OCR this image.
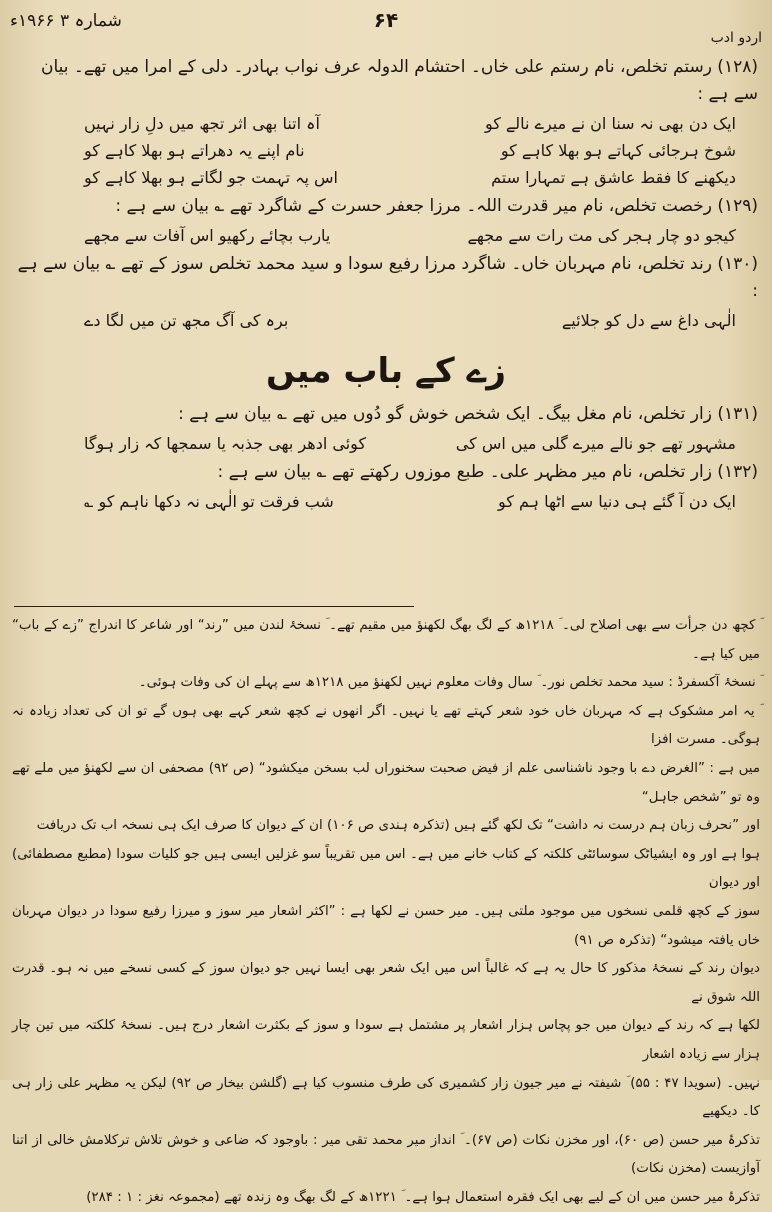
شمارہ ۳ ۱۹۶۶ء	۶۴
اردو ادب
(۱۲۸) رستم تخلص، نام رستم علی خاں۔ احتشام الدولہ عرف نواب بہادر۔ دلی کے امرا میں تھے۔ بیان سے ہے :
ایک دن بھی نہ سنا ان نے میرے نالے کو
آہ اتنا بھی اثر تجھ میں دلِ زار نہیں
شوخ ہرجائی کہاتے ہو بھلا کاہے کو
نام اپنے یہ دھراتے ہو بھلا کاہے کو
دیکھنے کا فقط عاشق ہے تمہارا ستم
اس پہ تہمت جو لگاتے ہو بھلا کاہے کو
(۱۲۹) رخصت تخلص، نام میر قدرت اللہ۔ مرزا جعفر حسرت کے شاگرد تھے ؎ بیان سے ہے :
کیجو دو چار ہجر کی مت رات سے مجھے
یارب بچائے رکھیو اس آفات سے مجھے
(۱۳۰) رند تخلص، نام مہربان خاں۔ شاگرد مرزا رفیع سودا و سید محمد تخلص سوز کے تھے ؎ بیان سے ہے :
الٰہی داغ سے دل کو جلائیے
برہ کی آگ مجھ تن میں لگا دے
زے کے باب میں
(۱۳۱) زار تخلص، نام مغل بیگ۔ ایک شخص خوش گو دُوں میں تھے ؎ بیان سے ہے :
مشہور تھے جو نالے میرے گلی میں اس کی
کوئی ادھر بھی جذبہ یا سمجھا کہ زار ہوگا
(۱۳۲) زار تخلص، نام میر مظہر علی۔ طبع موزوں رکھتے تھے ؎ بیان سے ہے :
ایک دن آ گئے ہی دنیا سے اٹھا ہم کو
شب فرقت تو الٰہی نہ دکھا ناہم کو ؎

ؔ کچھ دن جرأت سے بھی اصلاح لی۔ ؔ ۱۲۱۸ھ کے لگ بھگ لکھنؤ میں مقیم تھے۔ ؔ نسخۂ لندن میں ”رند“ اور شاعر کا اندراج ”زے کے باب“ میں کیا ہے۔

ؔ نسخۂ آکسفرڈ : سید محمد تخلص نور۔ ؔ سال وفات معلوم نہیں لکھنؤ میں ۱۲۱۸ھ سے پہلے ان کی وفات ہوئی۔

ؔ یہ امر مشکوک ہے کہ مہربان خاں خود شعر کہتے تھے یا نہیں۔ اگر انھوں نے کچھ شعر کہے بھی ہوں گے تو ان کی تعداد زیادہ نہ ہوگی۔ مسرت افزا

میں ہے : ”الغرض دے با وجود ناشناسی علم از فیض صحبت سخنوراں لب بسخن میکشود“ (ص ۹۲) مصحفی ان سے لکھنؤ میں ملے تھے وہ تو ”شخص جاہل“

اور ”نحرف زبان ہم درست نہ داشت“ تک لکھ گئے ہیں (تذکرہ ہندی ص ۱۰۶) ان کے دیوان کا صرف ایک ہی نسخہ اب تک دریافت

ہوا ہے اور وہ ایشیاٹک سوسائٹی کلکتہ کے کتاب خانے میں ہے۔ اس میں تقریباً سو غزلیں ایسی ہیں جو کلیات سودا (مطبع مصطفائی) اور دیوان

سوز کے کچھ قلمی نسخوں میں موجود ملتی ہیں۔ میر حسن نے لکھا ہے : ”اکثر اشعار میر سوز و میرزا رفیع سودا در دیوان مہربان خاں یافتہ میشود“ (تذکرہ ص ۹۱)

دیوان رند کے نسخۂ مذکور کا حال یہ ہے کہ غالباً اس میں ایک شعر بھی ایسا نہیں جو دیوان سوز کے کسی نسخے میں نہ ہو۔ قدرت اللہ شوق نے

لکھا ہے کہ رند کے دیوان میں جو پچاس ہزار اشعار پر مشتمل ہے سودا و سوز کے بکثرت اشعار درج ہیں۔ نسخۂ کلکتہ میں تین چار ہزار سے زیادہ اشعار

نہیں۔ (سویدا ۴۷ : ۵۵) ؔ شیفتہ نے میر جیون زار کشمیری کی طرف منسوب کیا ہے (گلشن بیخار ص ۹۲) لیکن یہ مظہر علی زار ہی کا۔ دیکھیے

تذکرۂ میر حسن (ص ۶۰)، اور مخزن نکات (ص ۶۷)۔ ؔ انداز میر محمد تقی میر : باوجود کہ ضاعی و خوش تلاش ترکلامش خالی از اتنا آوازیست (مخزن نکات)

تذکرۂ میر حسن میں ان کے لیے بھی ایک فقرہ استعمال ہوا ہے۔ ؔ ۱۲۲۱ھ کے لگ بھگ وہ زندہ تھے (مجموعہ نغز : ۱ : ۲۸۴)
